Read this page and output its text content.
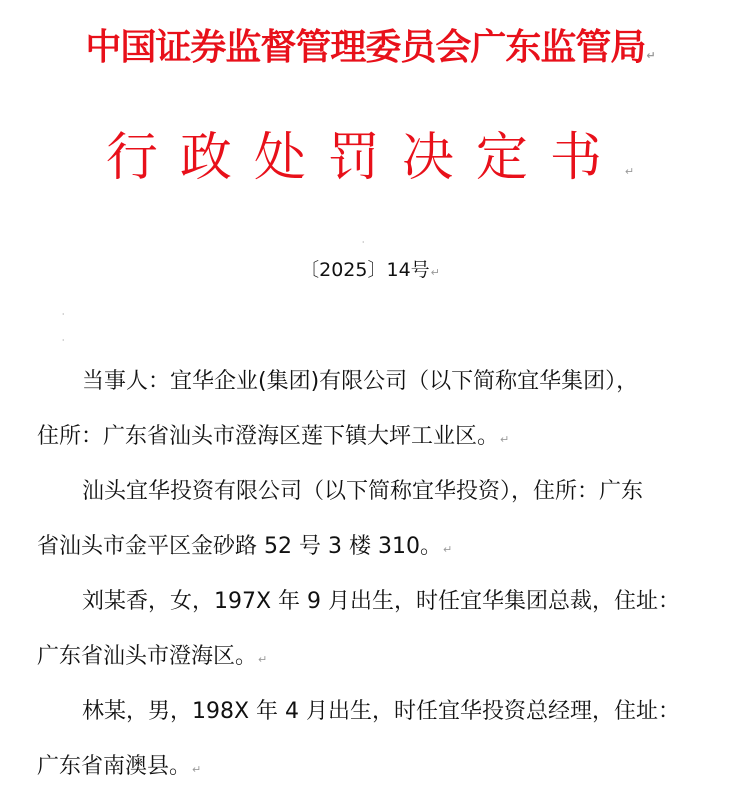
中国证券监督管理委员会广东监管局↵
行政处罚决定书↵
⸱
〔2025〕14号↵
⸱
⸱
当事人：宜华企业(集团)有限公司（以下简称宜华集团），
住所：广东省汕头市澄海区莲下镇大坪工业区。↵
汕头宜华投资有限公司（以下简称宜华投资），住所：广东
省汕头市金平区金砂路 52 号 3 楼 310。↵
刘某香，女，197X 年 9 月出生，时任宜华集团总裁，住址：
广东省汕头市澄海区。↵
林某，男，198X 年 4 月出生，时任宜华投资总经理，住址：
广东省南澳县。↵
